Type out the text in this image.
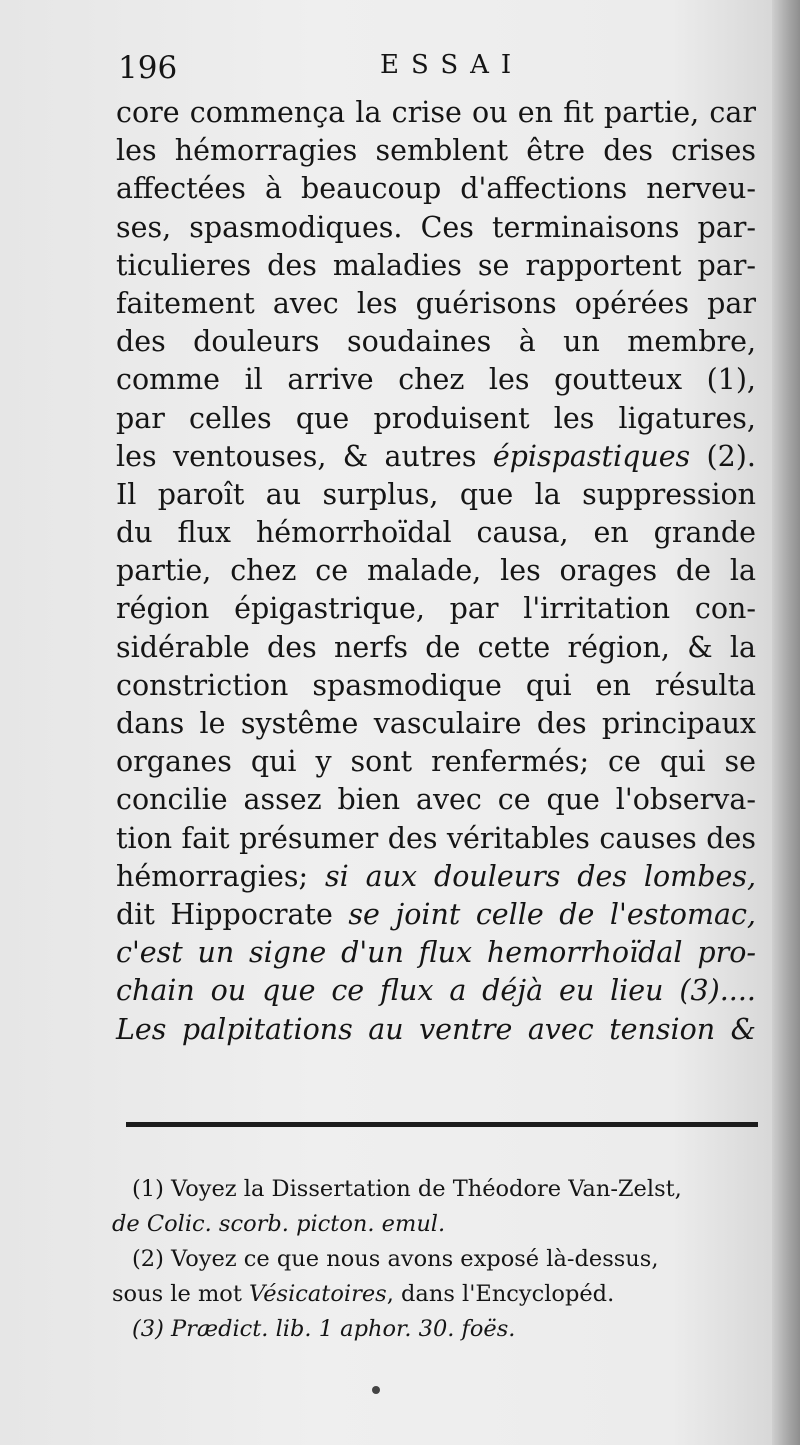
196	ESSAI
core commença la crise ou en fit partie, car
les hémorragies semblent être des crises
affectées à beaucoup d'affections nerveu-
ses, spasmodiques. Ces terminaisons par-
ticulieres des maladies se rapportent par-
faitement avec les guérisons opérées par
des douleurs soudaines à un membre,
comme il arrive chez les goutteux (1),
par celles que produisent les ligatures,
les ventouses, & autres épispastiques (2).
Il paroît au surplus, que la suppression
du flux hémorrhoïdal causa, en grande
partie, chez ce malade, les orages de la
région épigastrique, par l'irritation con-
sidérable des nerfs de cette région, & la
constriction spasmodique qui en résulta
dans le systême vasculaire des principaux
organes qui y sont renfermés; ce qui se
concilie assez bien avec ce que l'observa-
tion fait présumer des véritables causes des
hémorragies; si aux douleurs des lombes,
dit Hippocrate se joint celle de l'estomac,
c'est un signe d'un flux hemorrhoïdal pro-
chain ou que ce flux a déjà eu lieu (3)....
Les palpitations au ventre avec tension &
(1) Voyez la Dissertation de Théodore Van-Zelst,
de Colic. scorb. picton. emul.
(2) Voyez ce que nous avons exposé là-dessus,
sous le mot Vésicatoires, dans l'Encyclopéd.
(3) Prædict. lib. 1 aphor. 30. foës.
